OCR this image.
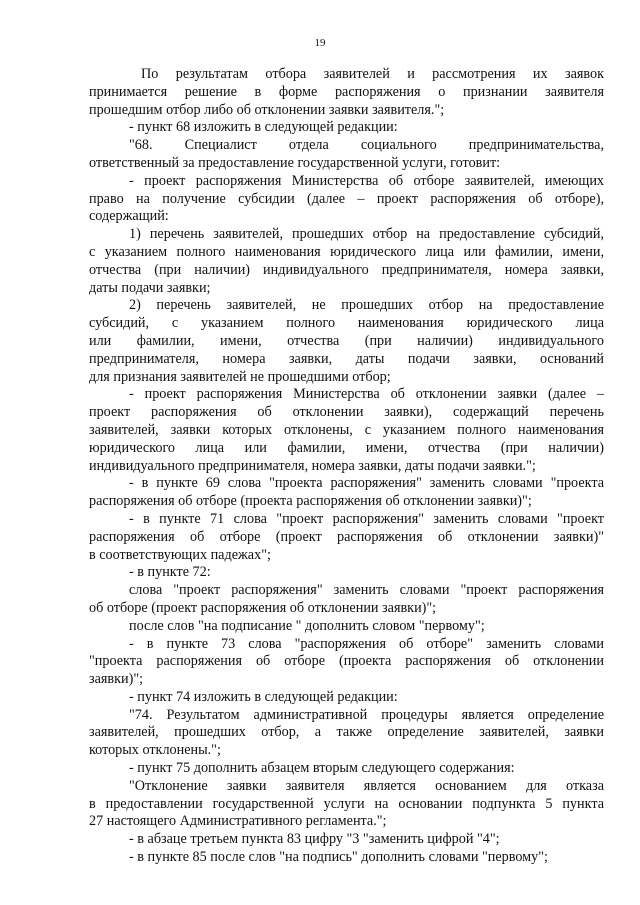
19
По результатам отбора заявителей и рассмотрения их заявок
принимается решение в форме распоряжения о признании заявителя
прошедшим отбор либо об отклонении заявки заявителя.";
- пункт 68 изложить в следующей редакции:
"68. Специалист отдела социального предпринимательства,
ответственный за предоставление государственной услуги, готовит:
- проект распоряжения Министерства об отборе заявителей, имеющих
право на получение субсидии (далее – проект распоряжения об отборе),
содержащий:
1) перечень заявителей, прошедших отбор на предоставление субсидий,
с указанием полного наименования юридического лица или фамилии, имени,
отчества (при наличии) индивидуального предпринимателя, номера заявки,
даты подачи заявки;
2) перечень заявителей, не прошедших отбор на предоставление
субсидий, с указанием полного наименования юридического лица
или фамилии, имени, отчества (при наличии) индивидуального
предпринимателя, номера заявки, даты подачи заявки, оснований
для признания заявителей не прошедшими отбор;
- проект распоряжения Министерства об отклонении заявки (далее –
проект распоряжения об отклонении заявки), содержащий перечень
заявителей, заявки которых отклонены, с указанием полного наименования
юридического лица или фамилии, имени, отчества (при наличии)
индивидуального предпринимателя, номера заявки, даты подачи заявки.";
- в пункте 69 слова "проекта распоряжения" заменить словами "проекта
распоряжения об отборе (проекта распоряжения об отклонении заявки)";
- в пункте 71 слова "проект распоряжения" заменить словами "проект
распоряжения об отборе (проект распоряжения об отклонении заявки)"
в соответствующих падежах";
- в пункте 72:
слова "проект распоряжения" заменить словами "проект распоряжения
об отборе (проект распоряжения об отклонении заявки)";
после слов "на подписание " дополнить словом "первому";
- в пункте 73 слова "распоряжения об отборе" заменить словами
"проекта распоряжения об отборе (проекта распоряжения об отклонении
заявки)";
- пункт 74 изложить в следующей редакции:
"74. Результатом административной процедуры является определение
заявителей, прошедших отбор, а также определение заявителей, заявки
которых отклонены.";
- пункт 75 дополнить абзацем вторым следующего содержания:
"Отклонение заявки заявителя является основанием для отказа
в предоставлении государственной услуги на основании подпункта 5 пункта
27 настоящего Административного регламента.";
- в абзаце третьем пункта 83 цифру "3 "заменить цифрой "4";
- в пункте 85 после слов "на подпись" дополнить словами "первому";
